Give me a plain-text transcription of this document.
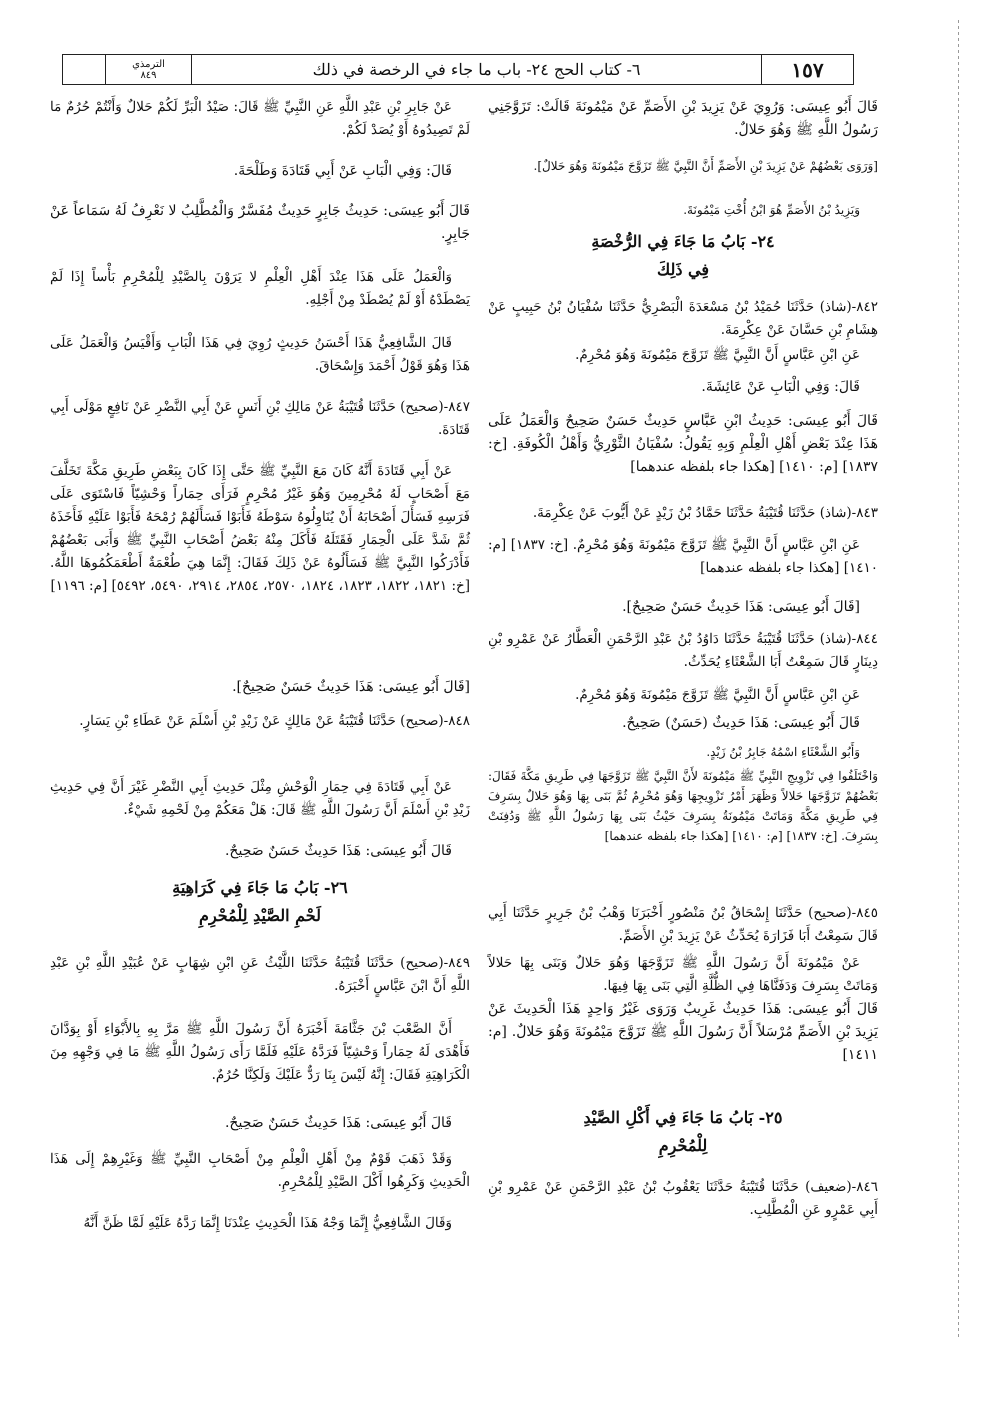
١٥٧
٦- كتاب الحج ٢٤- باب ما جاء في الرخصة في ذلك
الترمذي
٨٤٩
قَالَ أَبُو عِيسَى: وَرُوِيَ عَنْ يَزِيدَ بْنِ الأَصَمِّ عَنْ مَيْمُونَةَ قَالَتْ: تَزَوَّجَنِي رَسُولُ اللَّهِ ﷺ وَهُوَ حَلالٌ.
[وَرَوَى بَعْضُهُمْ عَنْ يَزِيدَ بْنِ الأَصَمِّ أَنَّ النَّبِيَّ ﷺ تَزَوَّجَ مَيْمُونَةَ وَهُوَ حَلالٌ].
وَيَزِيدُ بْنُ الأَصَمِّ هُوَ ابْنُ أُخْتِ مَيْمُونَةَ.
٢٤- بَابُ مَا جَاءَ فِي الرُّخْصَةِ
فِي ذَلِكَ
٨٤٢-(شاذ) حَدَّثَنَا حُمَيْدُ بْنُ مَسْعَدَةَ الْبَصْرِيُّ حَدَّثَنَا سُفْيَانُ بْنُ حَبِيبٍ عَنْ هِشَامِ بْنِ حَسَّانَ عَنْ عِكْرِمَةَ.
عَنِ ابْنِ عَبَّاسٍ أَنَّ النَّبِيَّ ﷺ تَزَوَّجَ مَيْمُونَةَ وَهُوَ مُحْرِمٌ.
قَالَ: وَفِي الْبَابِ عَنْ عَائِشَةَ.
قَالَ أَبُو عِيسَى: حَدِيثُ ابْنِ عَبَّاسٍ حَدِيثٌ حَسَنٌ صَحِيحٌ وَالْعَمَلُ عَلَى هَذَا عِنْدَ بَعْضِ أَهْلِ الْعِلْمِ وَبِهِ يَقُولُ: سُفْيَانُ الثَّوْرِيُّ وَأَهْلُ الْكُوفَةِ. [خ: ١٨٣٧] [م: ١٤١٠] [هكذا جاء بلفظه عندهما]
٨٤٣-(شاذ) حَدَّثَنَا قُتَيْبَةُ حَدَّثَنَا حَمَّادُ بْنُ زَيْدٍ عَنْ أَيُّوبَ عَنْ عِكْرِمَةَ.
عَنِ ابْنِ عَبَّاسٍ أَنَّ النَّبِيَّ ﷺ تَزَوَّجَ مَيْمُونَةَ وَهُوَ مُحْرِمٌ. [خ: ١٨٣٧] [م: ١٤١٠] [هكذا جاء بلفظه عندهما]
[قَالَ أَبُو عِيسَى: هَذَا حَدِيثٌ حَسَنٌ صَحِيحٌ].
٨٤٤-(شاذ) حَدَّثَنَا قُتَيْبَةُ حَدَّثَنَا دَاوُدُ بْنُ عَبْدِ الرَّحْمَنِ الْعَطَّارُ عَنْ عَمْرِو بْنِ دِينَارٍ قَالَ سَمِعْتُ أَبَا الشَّعْثَاءِ يُحَدِّثُ.
عَنِ ابْنِ عَبَّاسٍ أَنَّ النَّبِيَّ ﷺ تَزَوَّجَ مَيْمُونَةَ وَهُوَ مُحْرِمٌ.
قَالَ أَبُو عِيسَى: هَذَا حَدِيثٌ (حَسَنٌ) صَحِيحٌ.
وَأَبُو الشَّعْثَاءِ اسْمُهُ جَابِرُ بْنُ زَيْدٍ.
وَاخْتَلَفُوا فِي تَزْوِيجِ النَّبِيِّ ﷺ مَيْمُونَةَ لأَنَّ النَّبِيَّ ﷺ تَزَوَّجَهَا فِي طَرِيقِ مَكَّةَ فَقَالَ: بَعْضُهُمْ تَزَوَّجَهَا حَلالاً وَظَهَرَ أَمْرُ تَزْوِيجِهَا وَهُوَ مُحْرِمٌ ثُمَّ بَنَى بِهَا وَهُوَ حَلالٌ بِسَرِفَ فِي طَرِيقِ مَكَّةَ وَمَاتَتْ مَيْمُونَةُ بِسَرِفَ حَيْثُ بَنَى بِهَا رَسُولُ اللَّهِ ﷺ وَدُفِنَتْ بِسَرِفَ. [خ: ١٨٣٧] [م: ١٤١٠] [هكذا جاء بلفظه عندهما]
٨٤٥-(صحيح) حَدَّثَنَا إِسْحَاقُ بْنُ مَنْصُورٍ أَخْبَرَنَا وَهْبُ بْنُ جَرِيرٍ حَدَّثَنَا أَبِي قَالَ سَمِعْتُ أَبَا فَزَارَةَ يُحَدِّثُ عَنْ يَزِيدَ بْنِ الأَصَمِّ.
عَنْ مَيْمُونَةَ أَنَّ رَسُولَ اللَّهِ ﷺ تَزَوَّجَهَا وَهُوَ حَلالٌ وَبَنَى بِهَا حَلالاً وَمَاتَتْ بِسَرِفَ وَدَفَنَّاهَا فِي الظُّلَّةِ الَّتِي بَنَى بِهَا فِيهَا.
قَالَ أَبُو عِيسَى: هَذَا حَدِيثٌ غَرِيبٌ وَرَوَى غَيْرُ وَاحِدٍ هَذَا الْحَدِيثَ عَنْ يَزِيدَ بْنِ الأَصَمِّ مُرْسَلاً أَنَّ رَسُولَ اللَّهِ ﷺ تَزَوَّجَ مَيْمُونَةَ وَهُوَ حَلالٌ. [م: ١٤١١]
٢٥- بَابُ مَا جَاءَ فِي أَكْلِ الصَّيْدِ
لِلْمُحْرِمِ
٨٤٦-(ضعيف) حَدَّثَنَا قُتَيْبَةُ حَدَّثَنَا يَعْقُوبُ بْنُ عَبْدِ الرَّحْمَنِ عَنْ عَمْرِو بْنِ أَبِي عَمْرٍو عَنِ الْمُطَّلِبِ.
عَنْ جَابِرِ بْنِ عَبْدِ اللَّهِ عَنِ النَّبِيِّ ﷺ قَالَ: صَيْدُ الْبَرِّ لَكُمْ حَلالٌ وَأَنْتُمْ حُرُمٌ مَا لَمْ تَصِيدُوهُ أَوْ يُصَدْ لَكُمْ.
قَالَ: وَفِي الْبَابِ عَنْ أَبِي قَتَادَةَ وَطَلْحَةَ.
قَالَ أَبُو عِيسَى: حَدِيثُ جَابِرٍ حَدِيثٌ مُفَسَّرٌ وَالْمُطَّلِبُ لا نَعْرِفُ لَهُ سَمَاعاً عَنْ جَابِرٍ.
وَالْعَمَلُ عَلَى هَذَا عِنْدَ أَهْلِ الْعِلْمِ لا يَرَوْنَ بِالصَّيْدِ لِلْمُحْرِمِ بَأْساً إِذَا لَمْ يَصْطَدْهُ أَوْ لَمْ يُصْطَدْ مِنْ أَجْلِهِ.
قَالَ الشَّافِعِيُّ هَذَا أَحْسَنُ حَدِيثٍ رُوِيَ فِي هَذَا الْبَابِ وَأَقْيَسُ وَالْعَمَلُ عَلَى هَذَا وَهُوَ قَوْلُ أَحْمَدَ وَإِسْحَاقَ.
٨٤٧-(صحيح) حَدَّثَنَا قُتَيْبَةُ عَنْ مَالِكِ بْنِ أَنَسٍ عَنْ أَبِي النَّضْرِ عَنْ نَافِعٍ مَوْلَى أَبِي قَتَادَةَ.
عَنْ أَبِي قَتَادَةَ أَنَّهُ كَانَ مَعَ النَّبِيِّ ﷺ حَتَّى إِذَا كَانَ بِبَعْضِ طَرِيقِ مَكَّةَ تَخَلَّفَ مَعَ أَصْحَابٍ لَهُ مُحْرِمِينَ وَهُوَ غَيْرُ مُحْرِمٍ فَرَأَى حِمَاراً وَحْشِيّاً فَاسْتَوَى عَلَى فَرَسِهِ فَسَأَلَ أَصْحَابَهُ أَنْ يُنَاوِلُوهُ سَوْطَهُ فَأَبَوْا فَسَأَلَهُمْ رُمْحَهُ فَأَبَوْا عَلَيْهِ فَأَخَذَهُ ثُمَّ شَدَّ عَلَى الْحِمَارِ فَقَتَلَهُ فَأَكَلَ مِنْهُ بَعْضُ أَصْحَابِ النَّبِيِّ ﷺ وَأَبَى بَعْضُهُمْ فَأَدْرَكُوا النَّبِيَّ ﷺ فَسَأَلُوهُ عَنْ ذَلِكَ فَقَالَ: إِنَّمَا هِيَ طُعْمَةٌ أَطْعَمَكُمُوهَا اللَّهُ. [خ: ١٨٢١، ١٨٢٢، ١٨٢٣، ١٨٢٤، ٢٥٧٠، ٢٨٥٤، ٢٩١٤، ٥٤٩٠، ٥٤٩٢] [م: ١١٩٦]
[قَالَ أَبُو عِيسَى: هَذَا حَدِيثٌ حَسَنٌ صَحِيحٌ].
٨٤٨-(صحيح) حَدَّثَنَا قُتَيْبَةُ عَنْ مَالِكٍ عَنْ زَيْدِ بْنِ أَسْلَمَ عَنْ عَطَاءِ بْنِ يَسَارٍ.
عَنْ أَبِي قَتَادَةَ فِي حِمَارِ الْوَحْشِ مِثْلَ حَدِيثِ أَبِي النَّضْرِ غَيْرَ أَنَّ فِي حَدِيثِ زَيْدِ بْنِ أَسْلَمَ أَنَّ رَسُولَ اللَّهِ ﷺ قَالَ: هَلْ مَعَكُمْ مِنْ لَحْمِهِ شَيْءٌ.
قَالَ أَبُو عِيسَى: هَذَا حَدِيثٌ حَسَنٌ صَحِيحٌ.
٢٦- بَابُ مَا جَاءَ فِي كَرَاهِيَةِ
لَحْمِ الصَّيْدِ لِلْمُحْرِمِ
٨٤٩-(صحيح) حَدَّثَنَا قُتَيْبَةُ حَدَّثَنَا اللَّيْثُ عَنِ ابْنِ شِهَابٍ عَنْ عُبَيْدِ اللَّهِ بْنِ عَبْدِ اللَّهِ أَنَّ ابْنَ عَبَّاسٍ أَخْبَرَهُ.
أَنَّ الصَّعْبَ بْنَ جَثَّامَةَ أَخْبَرَهُ أَنَّ رَسُولَ اللَّهِ ﷺ مَرَّ بِهِ بِالأَبْوَاءِ أَوْ بِوَدَّانَ فَأَهْدَى لَهُ حِمَاراً وَحْشِيّاً فَرَدَّهُ عَلَيْهِ فَلَمَّا رَأَى رَسُولُ اللَّهِ ﷺ مَا فِي وَجْهِهِ مِنَ الْكَرَاهِيَةِ فَقَالَ: إِنَّهُ لَيْسَ بِنَا رَدٌّ عَلَيْكَ وَلَكِنَّا حُرُمٌ.
قَالَ أَبُو عِيسَى: هَذَا حَدِيثٌ حَسَنٌ صَحِيحٌ.
وَقَدْ ذَهَبَ قَوْمٌ مِنْ أَهْلِ الْعِلْمِ مِنْ أَصْحَابِ النَّبِيِّ ﷺ وَغَيْرِهِمْ إِلَى هَذَا الْحَدِيثِ وَكَرِهُوا أَكْلَ الصَّيْدِ لِلْمُحْرِمِ.
وَقَالَ الشَّافِعِيُّ إِنَّمَا وَجْهُ هَذَا الْحَدِيثِ عِنْدَنَا إِنَّمَا رَدَّهُ عَلَيْهِ لَمَّا ظَنَّ أَنَّهُ
